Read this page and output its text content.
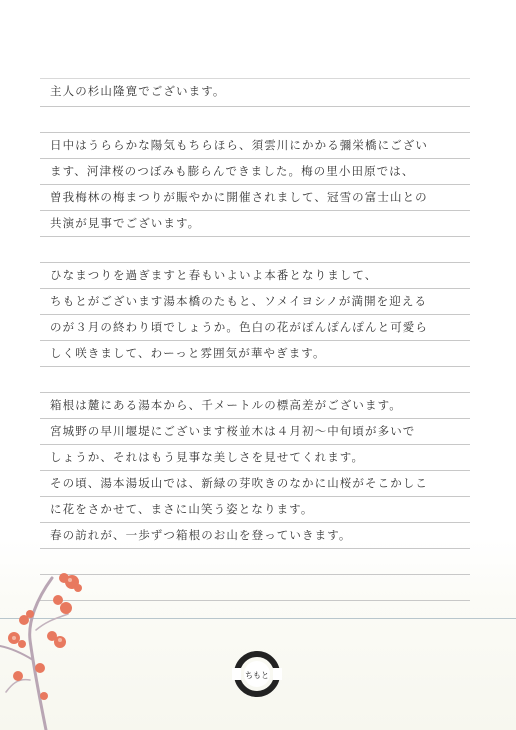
主人の杉山隆寛でございます。
日中はうららかな陽気もちらほら、須雲川にかかる彌栄橋にござい
ます、河津桜のつぼみも膨らんできました。梅の里小田原では、
曽我梅林の梅まつりが賑やかに開催されまして、冠雪の富士山との
共演が見事でございます。
ひなまつりを過ぎますと春もいよいよ本番となりまして、
ちもとがございます湯本橋のたもと、ソメイヨシノが満開を迎える
のが３月の終わり頃でしょうか。色白の花がぽんぽんぽんと可愛ら
しく咲きまして、わーっと雰囲気が華やぎます。
箱根は麓にある湯本から、千メートルの標高差がございます。
宮城野の早川堰堤にございます桜並木は４月初〜中旬頃が多いで
しょうか、それはもう見事な美しさを見せてくれます。
その頃、湯本湯坂山では、新緑の芽吹きのなかに山桜がそこかしこ
に花をさかせて、まさに山笑う姿となります。
春の訪れが、一歩ずつ箱根のお山を登っていきます。
ちもと
